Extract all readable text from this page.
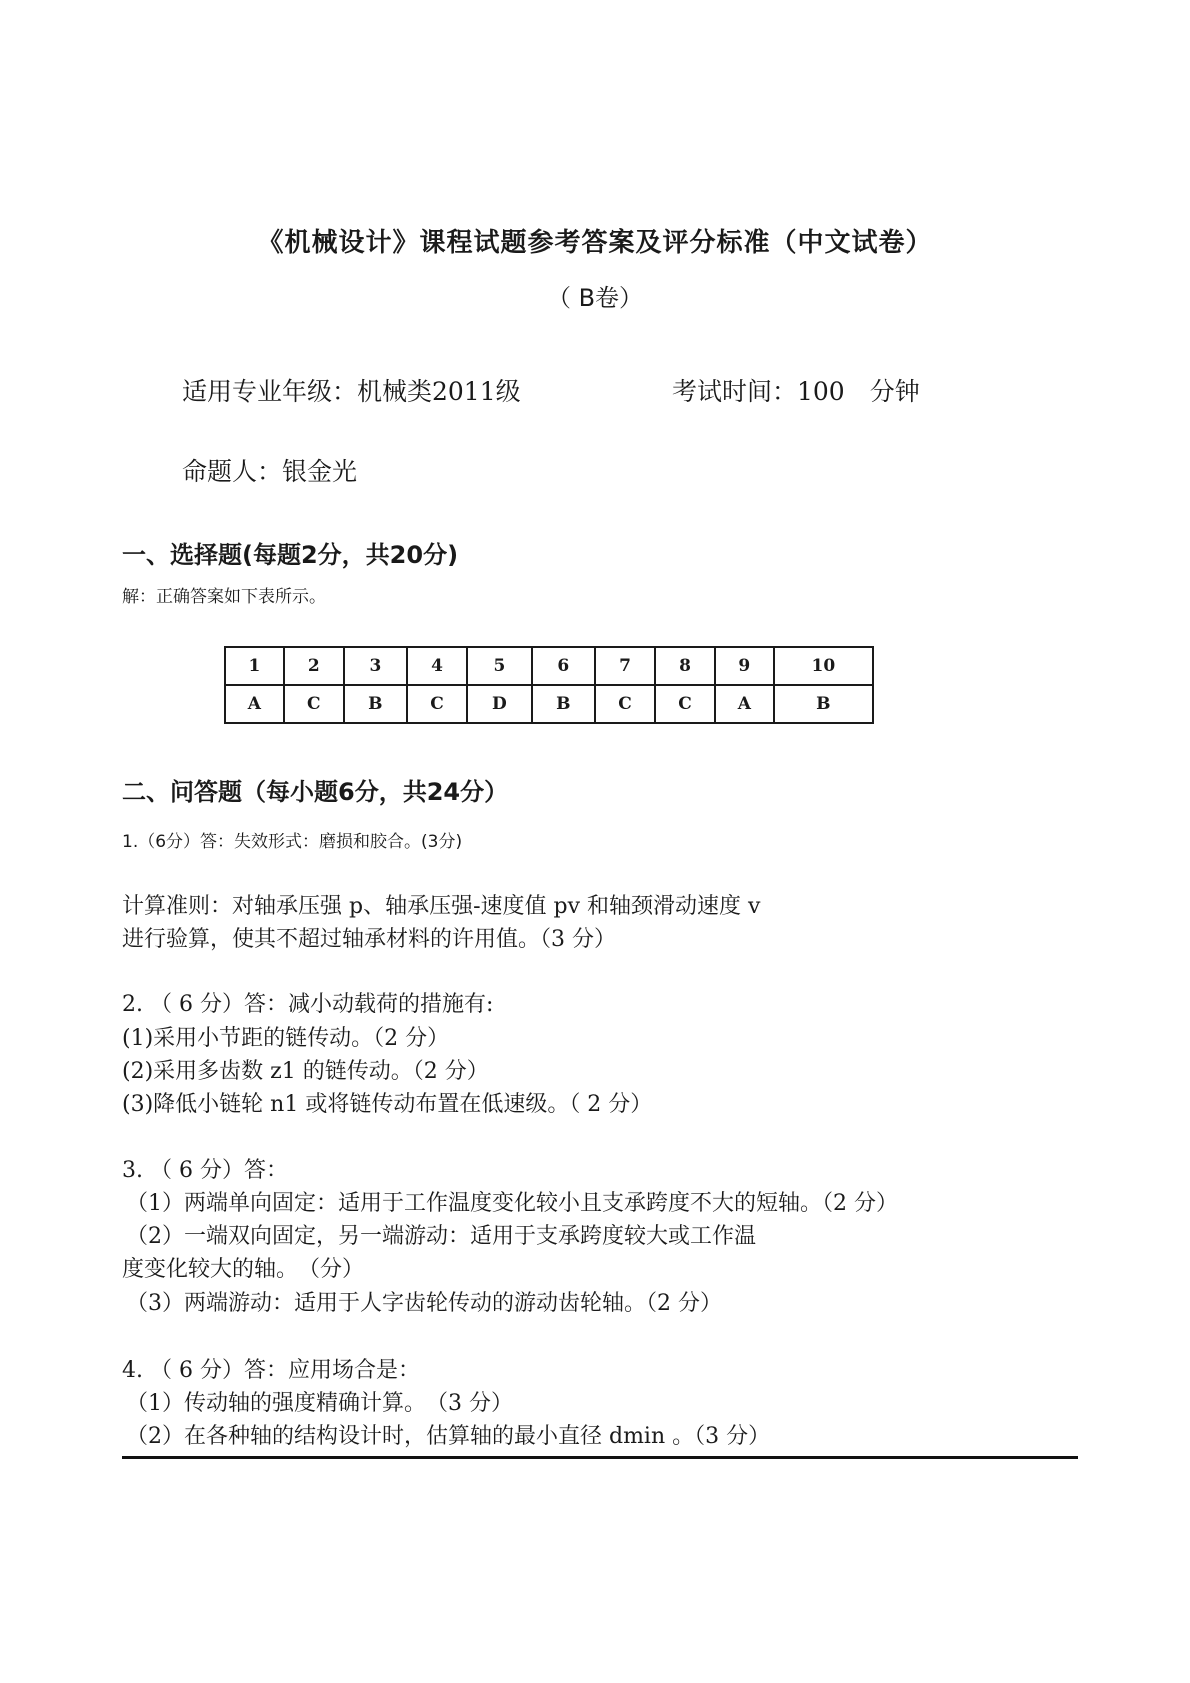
《机械设计》课程试题参考答案及评分标准（中文试卷）
（ B卷）
适用专业年级：机械类2011级	考试时间：100　分钟
命题人：银金光
一、选择题(每题2分，共20分)
解：正确答案如下表所示。
1	2	3	4	5	6	7	8	9	10
A	C	B	C	D	B	C	C	A	B
二、问答题（每小题6分，共24分）
1.（6分）答：失效形式：磨损和胶合。(3分)
计算准则：对轴承压强 p、轴承压强-速度值 pv 和轴颈滑动速度 v
进行验算，使其不超过轴承材料的许用值。（3 分）
2. （ 6 分）答：减小动载荷的措施有:
(1)采用小节距的链传动。（2 分）
(2)采用多齿数 z1 的链传动。（2 分）
(3)降低小链轮 n1 或将链传动布置在低速级。（ 2 分）
3. （ 6 分）答：
（1）两端单向固定：适用于工作温度变化较小且支承跨度不大的短轴。（2 分）
（2）一端双向固定，另一端游动：适用于支承跨度较大或工作温
度变化较大的轴。　（分）
（3）两端游动：适用于人字齿轮传动的游动齿轮轴。（2 分）
4. （ 6 分）答：应用场合是：
（1）传动轴的强度精确计算。　（3 分）
（2）在各种轴的结构设计时，估算轴的最小直径 dmin 。（3 分）
